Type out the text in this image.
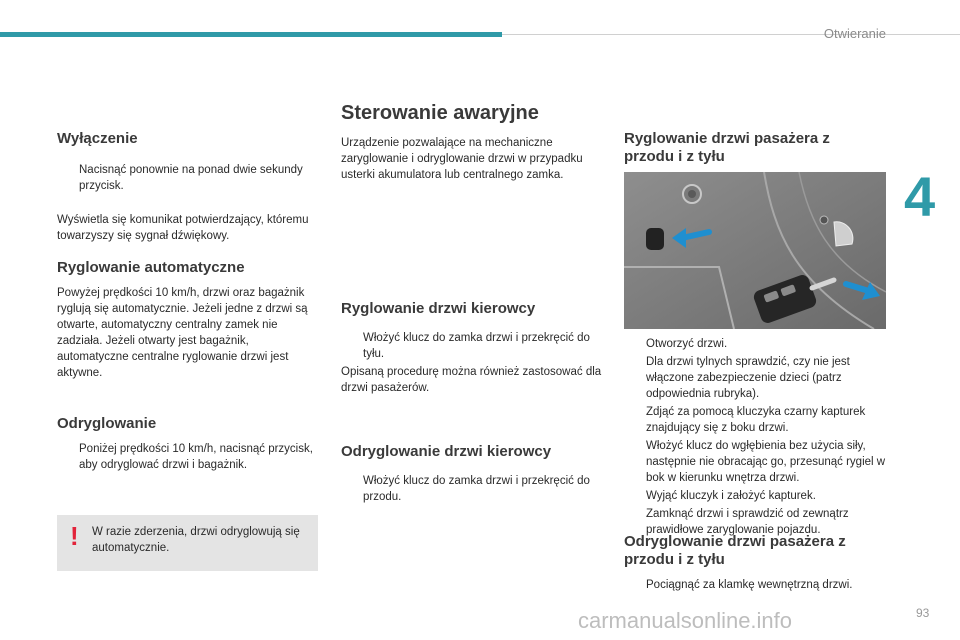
Otwieranie
4
Wyłączenie

Nacisnąć ponownie na ponad dwie sekundy przycisk.

Wyświetla się komunikat potwierdzający, któremu towarzyszy się sygnał dźwiękowy.

Ryglowanie automatyczne

Powyżej prędkości 10 km/h, drzwi oraz bagażnik ryglują się automatycznie. Jeżeli jedne z drzwi są otwarte, automatyczny centralny zamek nie zadziała. Jeżeli otwarty jest bagażnik, automatyczne centralne ryglowanie drzwi jest aktywne.

Odryglowanie

Poniżej prędkości 10 km/h, nacisnąć przycisk, aby odryglować drzwi i bagażnik.

! W razie zderzenia, drzwi odryglowują się automatycznie.
Sterowanie awaryjne

Urządzenie pozwalające na mechaniczne zaryglowanie i odryglowanie drzwi w przypadku usterki akumulatora lub centralnego zamka.

Ryglowanie drzwi kierowcy

Włożyć klucz do zamka drzwi i przekręcić do tyłu.

Opisaną procedurę można również zastosować dla drzwi pasażerów.

Odryglowanie drzwi kierowcy

Włożyć klucz do zamka drzwi i przekręcić do przodu.

Ryglowanie drzwi pasażera z
przodu i z tyłu

Otworzyć drzwi.

Dla drzwi tylnych sprawdzić, czy nie jest włączone zabezpieczenie dzieci (patrz odpowiednia rubryka).

Zdjąć za pomocą kluczyka czarny kapturek znajdujący się z boku drzwi.

Włożyć klucz do wgłębienia bez użycia siły, następnie nie obracając go, przesunąć rygiel w bok w kierunku wnętrza drzwi.

Wyjąć kluczyk i założyć kapturek.

Zamknąć drzwi i sprawdzić od zewnątrz prawidłowe zaryglowanie pojazdu.

Odryglowanie drzwi pasażera z
przodu i z tyłu

Pociągnąć za klamkę wewnętrzną drzwi.

carmanualsonline.info	93
